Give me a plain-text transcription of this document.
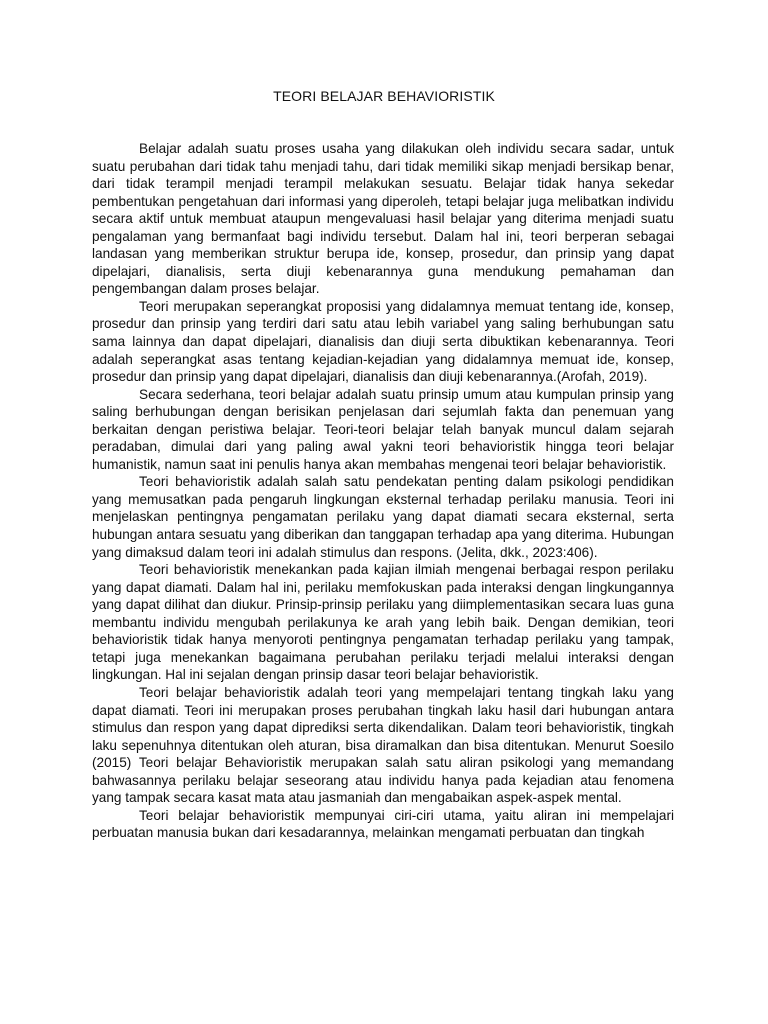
TEORI BELAJAR BEHAVIORISTIK

Belajar adalah suatu proses usaha yang dilakukan oleh individu secara sadar, untuk suatu perubahan dari tidak tahu menjadi tahu, dari tidak memiliki sikap menjadi bersikap benar, dari tidak terampil menjadi terampil melakukan sesuatu. Belajar tidak hanya sekedar pembentukan pengetahuan dari informasi yang diperoleh, tetapi belajar juga melibatkan individu secara aktif untuk membuat ataupun mengevaluasi hasil belajar yang diterima menjadi suatu pengalaman yang bermanfaat bagi individu tersebut. Dalam hal ini, teori berperan sebagai landasan yang memberikan struktur berupa ide, konsep, prosedur, dan prinsip yang dapat dipelajari, dianalisis, serta diuji kebenarannya guna mendukung pemahaman dan pengembangan dalam proses belajar.

Teori merupakan seperangkat proposisi yang didalamnya memuat tentang ide, konsep, prosedur dan prinsip yang terdiri dari satu atau lebih variabel yang saling berhubungan satu sama lainnya dan dapat dipelajari, dianalisis dan diuji serta dibuktikan kebenarannya. Teori adalah seperangkat asas tentang kejadian-kejadian yang didalamnya memuat ide, konsep, prosedur dan prinsip yang dapat dipelajari, dianalisis dan diuji kebenarannya.(Arofah, 2019).

Secara sederhana, teori belajar adalah suatu prinsip umum atau kumpulan prinsip yang saling berhubungan dengan berisikan penjelasan dari sejumlah fakta dan penemuan yang berkaitan dengan peristiwa belajar. Teori-teori belajar telah banyak muncul dalam sejarah peradaban, dimulai dari yang paling awal yakni teori behavioristik hingga teori belajar humanistik, namun saat ini penulis hanya akan membahas mengenai teori belajar behavioristik.

Teori behavioristik adalah salah satu pendekatan penting dalam psikologi pendidikan yang memusatkan pada pengaruh lingkungan eksternal terhadap perilaku manusia. Teori ini menjelaskan pentingnya pengamatan perilaku yang dapat diamati secara eksternal, serta hubungan antara sesuatu yang diberikan dan tanggapan terhadap apa yang diterima. Hubungan yang dimaksud dalam teori ini adalah stimulus dan respons. (Jelita, dkk., 2023:406).

Teori behavioristik menekankan pada kajian ilmiah mengenai berbagai respon perilaku yang dapat diamati. Dalam hal ini, perilaku memfokuskan pada interaksi dengan lingkungannya yang dapat dilihat dan diukur. Prinsip-prinsip perilaku yang diimplementasikan secara luas guna membantu individu mengubah perilakunya ke arah yang lebih baik. Dengan demikian, teori behavioristik tidak hanya menyoroti pentingnya pengamatan terhadap perilaku yang tampak, tetapi juga menekankan bagaimana perubahan perilaku terjadi melalui interaksi dengan lingkungan. Hal ini sejalan dengan prinsip dasar teori belajar behavioristik.

Teori belajar behavioristik adalah teori yang mempelajari tentang tingkah laku yang dapat diamati. Teori ini merupakan proses perubahan tingkah laku hasil dari hubungan antara stimulus dan respon yang dapat diprediksi serta dikendalikan. Dalam teori behavioristik, tingkah laku sepenuhnya ditentukan oleh aturan, bisa diramalkan dan bisa ditentukan. Menurut Soesilo (2015) Teori belajar Behavioristik merupakan salah satu aliran psikologi yang memandang bahwasannya perilaku belajar seseorang atau individu hanya pada kejadian atau fenomena yang tampak secara kasat mata atau jasmaniah dan mengabaikan aspek-aspek mental.

Teori belajar behavioristik mempunyai ciri-ciri utama, yaitu aliran ini mempelajari perbuatan manusia bukan dari kesadarannya, melainkan mengamati perbuatan dan tingkah
